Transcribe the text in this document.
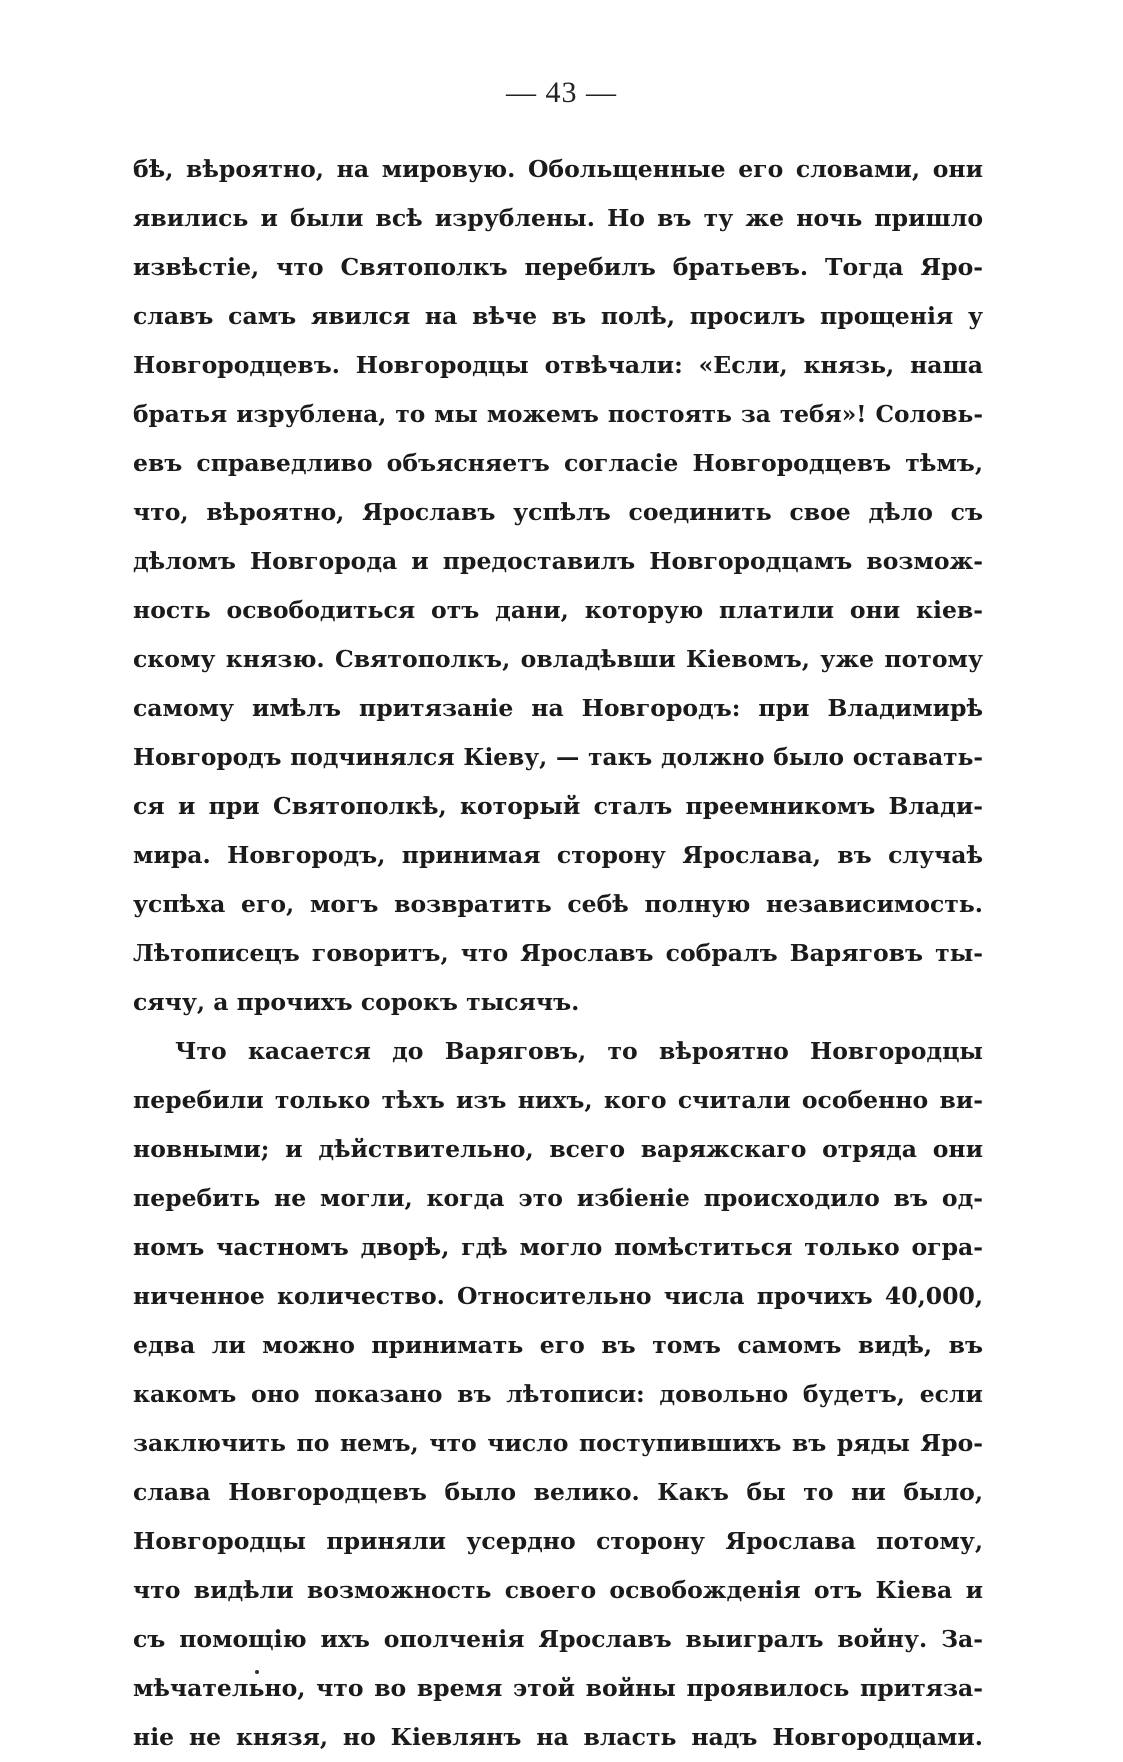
— 43 —
бѣ, вѣроятно, на мировую. Обольщенные его словами, они
явились и были всѣ изрублены. Но въ ту же ночь пришло
извѣстіе, что Святополкъ перебилъ братьевъ. Тогда Яро-
славъ самъ явился на вѣче въ полѣ, просилъ прощенія у
Новгородцевъ. Новгородцы отвѣчали: «Если, князь, наша
братья изрублена, то мы можемъ постоять за тебя»! Соловь-
евъ справедливо объясняетъ согласіе Новгородцевъ тѣмъ,
что, вѣроятно, Ярославъ успѣлъ соединить свое дѣло съ
дѣломъ Новгорода и предоставилъ Новгородцамъ возмож-
ность освободиться отъ дани, которую платили они кіев-
скому князю. Святополкъ, овладѣвши Кіевомъ, уже потому
самому имѣлъ притязаніе на Новгородъ: при Владимирѣ
Новгородъ подчинялся Кіеву, — такъ должно было оставать-
ся и при Святополкѣ, который сталъ преемникомъ Влади-
мира. Новгородъ, принимая сторону Ярослава, въ случаѣ
успѣха его, могъ возвратить себѣ полную независимость.
Лѣтописецъ говоритъ, что Ярославъ собралъ Варяговъ ты-
сячу, а прочихъ сорокъ тысячъ.
Что касается до Варяговъ, то вѣроятно Новгородцы
перебили только тѣхъ изъ нихъ, кого считали особенно ви-
новными; и дѣйствительно, всего варяжскаго отряда они
перебить не могли, когда это избіеніе происходило въ од-
номъ частномъ дворѣ, гдѣ могло помѣститься только огра-
ниченное количество. Относительно числа прочихъ 40,000,
едва ли можно принимать его въ томъ самомъ видѣ, въ
какомъ оно показано въ лѣтописи: довольно будетъ, если
заключить по немъ, что число поступившихъ въ ряды Яро-
слава Новгородцевъ было велико. Какъ бы то ни было,
Новгородцы приняли усердно сторону Ярослава потому,
что видѣли возможность своего освобожденія отъ Кіева и
съ помощію ихъ ополченія Ярославъ выигралъ войну. За-
мѣчательно, что во время этой войны проявилось притяза-
ніе не князя, но Кіевлянъ на власть надъ Новгородцами.
